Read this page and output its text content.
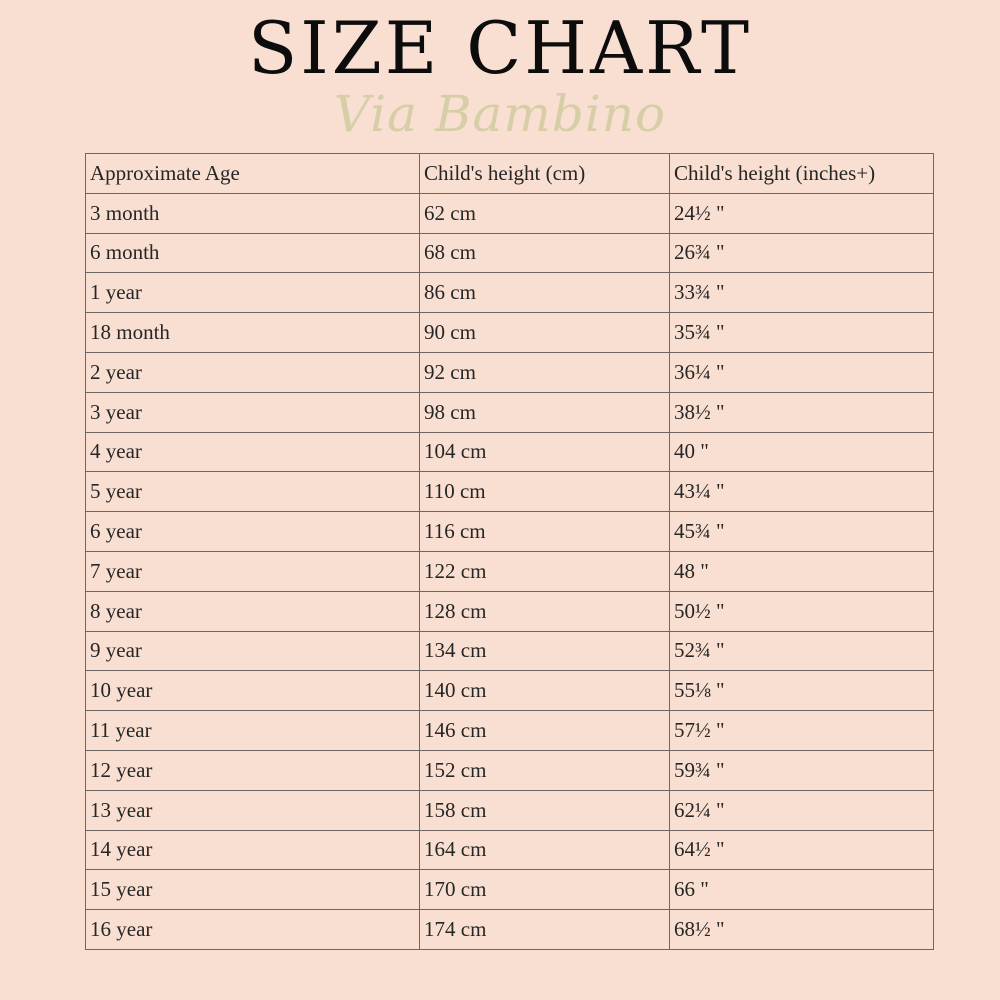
SIZE CHART
Via Bambino
Approximate Age	Child's height (cm)	Child's height (inches+)
3 month	62 cm	24½ "
6 month	68 cm	26¾ "
1 year	86 cm	33¾ "
18 month	90 cm	35¾ "
2 year	92 cm	36¼ "
3 year	98 cm	38½ "
4 year	104 cm	40 "
5 year	110 cm	43¼ "
6 year	116 cm	45¾ "
7 year	122 cm	48 "
8 year	128 cm	50½ "
9 year	134 cm	52¾ "
10 year	140 cm	55⅛ "
11 year	146 cm	57½ "
12 year	152 cm	59¾ "
13 year	158 cm	62¼ "
14 year	164 cm	64½ "
15 year	170 cm	66 "
16 year	174 cm	68½ "
